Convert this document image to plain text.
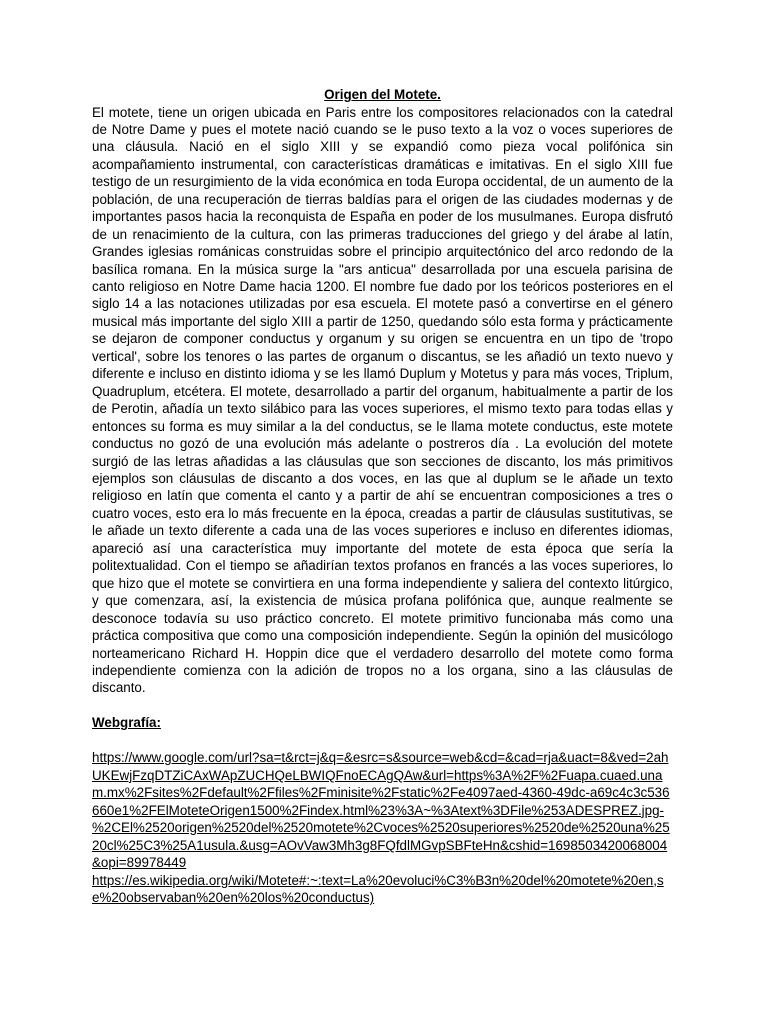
Origen del Motete.

El motete, tiene un origen ubicada en Paris entre los compositores relacionados con la catedral de Notre Dame y pues el motete nació cuando se le puso texto a la voz o voces superiores de una cláusula. Nació en el siglo XIII y se expandió como pieza vocal polifónica sin acompañamiento instrumental, con características dramáticas e imitativas. En el siglo XIII fue testigo de un resurgimiento de la vida económica en toda Europa occidental, de un aumento de la población, de una recuperación de tierras baldías para el origen de las ciudades modernas y de importantes pasos hacia la reconquista de España en poder de los musulmanes. Europa disfrutó de un renacimiento de la cultura, con las primeras traducciones del griego y del árabe al latín, Grandes iglesias románicas construidas sobre el principio arquitectónico del arco redondo de la basílica romana. En la música surge la "ars anticua" desarrollada por una escuela parisina de canto religioso en Notre Dame hacia 1200. El nombre fue dado por los teóricos posteriores en el siglo 14 a las notaciones utilizadas por esa escuela. El motete pasó a convertirse en el género musical más importante del siglo XIII a partir de 1250, quedando sólo esta forma y prácticamente se dejaron de componer conductus y organum y su origen se encuentra en un tipo de 'tropo vertical', sobre los tenores o las partes de organum o discantus, se les añadió un texto nuevo y diferente e incluso en distinto idioma y se les llamó Duplum y Motetus y para más voces, Triplum, Quadruplum, etcétera. El motete, desarrollado a partir del organum, habitualmente a partir de los de Perotin, añadía un texto silábico para las voces superiores, el mismo texto para todas ellas y entonces su forma es muy similar a la del conductus, se le llama motete conductus, este motete conductus no gozó de una evolución más adelante o postreros día . La evolución del motete surgió de las letras añadidas a las cláusulas que son secciones de discanto, los más primitivos ejemplos son cláusulas de discanto a dos voces, en las que al duplum se le añade un texto religioso en latín que comenta el canto y a partir de ahí se encuentran composiciones a tres o cuatro voces, esto era lo más frecuente en la época, creadas a partir de cláusulas sustitutivas, se le añade un texto diferente a cada una de las voces superiores e incluso en diferentes idiomas, apareció así una característica muy importante del motete de esta época que sería la politextualidad. Con el tiempo se añadirían textos profanos en francés a las voces superiores, lo que hizo que el motete se convirtiera en una forma independiente y saliera del contexto litúrgico, y que comenzara, así, la existencia de música profana polifónica que, aunque realmente se desconoce todavía su uso práctico concreto. El motete primitivo funcionaba más como una práctica compositiva que como una composición independiente. Según la opinión del musicólogo norteamericano Richard H. Hoppin dice que el verdadero desarrollo del motete como forma independiente comienza con la adición de tropos no a los organa, sino a las cláusulas de discanto.

Webgrafía:

https://www.google.com/url?sa=t&rct=j&q=&esrc=s&source=web&cd=&cad=rja&uact=8&ved=2ahUKEwjFzqDTZiCAxWApZUCHQeLBWIQFnoECAgQAw&url=https%3A%2F%2Fuapa.cuaed.unam.mx%2Fsites%2Fdefault%2Ffiles%2Fminisite%2Fstatic%2Fe4097aed-4360-49dc-a69c4c3c536660e1%2FElMoteteOrigen1500%2Findex.html%23%3A~%3Atext%3DFile%253ADESPREZ.jpg-%2CEl%2520origen%2520del%2520motete%2Cvoces%2520superiores%2520de%2520una%2520cl%25C3%25A1usula.&usg=AOvVaw3Mh3g8FQfdlMGvpSBFteHn&cshid=1698503420068004&opi=89978449
https://es.wikipedia.org/wiki/Motete#:~:text=La%20evoluci%C3%B3n%20del%20motete%20en,se%20observaban%20en%20los%20conductus)
